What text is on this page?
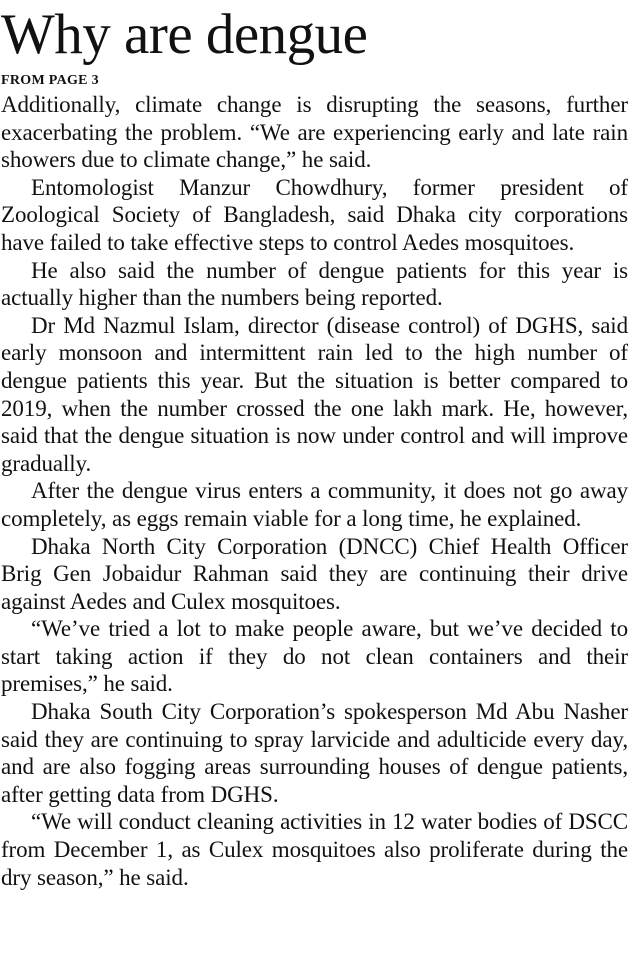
Why are dengue
FROM PAGE 3

Additionally, climate change is disrupting the seasons, further exacerbating the problem. “We are experiencing early and late rain showers due to climate change,” he said.

Entomologist Manzur Chowdhury, former president of Zoological Society of Bangladesh, said Dhaka city corporations have failed to take effective steps to control Aedes mosquitoes.

He also said the number of dengue patients for this year is actually higher than the numbers being reported.

Dr Md Nazmul Islam, director (disease control) of DGHS, said early monsoon and intermittent rain led to the high number of dengue patients this year. But the situation is better compared to 2019, when the number crossed the one lakh mark. He, however, said that the dengue situation is now under control and will improve gradually.

After the dengue virus enters a community, it does not go away completely, as eggs remain viable for a long time, he explained.

Dhaka North City Corporation (DNCC) Chief Health Officer Brig Gen Jobaidur Rahman said they are continuing their drive against Aedes and Culex mosquitoes.

“We’ve tried a lot to make people aware, but we’ve decided to start taking action if they do not clean containers and their premises,” he said.

Dhaka South City Corporation’s spokesperson Md Abu Nasher said they are continuing to spray larvicide and adulticide every day, and are also fogging areas surrounding houses of dengue patients, after getting data from DGHS.

“We will conduct cleaning activities in 12 water bodies of DSCC from December 1, as Culex mosquitoes also proliferate during the dry season,” he said.
